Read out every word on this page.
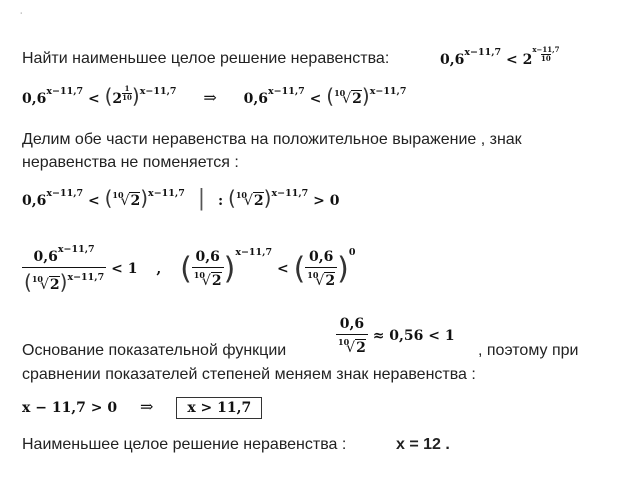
˙
Найти наименьшее целое решение неравенства:	$0,6^{x-11,7} < 2 \frac{x-11,7}{10}$
$0,6^{x-11,7} < (2 \frac{1}{10} )^{x-11,7}$ ⇒ $0,6^{x-11,7} < (^{10}√2)^{x-11,7}$
Делим обе части неравенства на положительное выражение , знак
неравенства не поменяется :
$0,6^{x-11,7} < (^{10}√2)^{x-11,7}$ | : $(^{10}√2)^{x-11,7} > 0$
$\frac{0,6^{x-11,7}}{(^{10}√2)^{x-11,7}} < 1$ , ( $\frac{0,6}{^{10}√2} )^{x-11,7}$ < ( $\frac{0,6}{^{10}√2} )^0$
Основание показательной функции	$\frac{0,6}{^{10}√2} \approx 0,56 < 1$
, поэтому при
сравнении показателей степеней меняем знак неравенства :
x − 11,7 > 0 ⇒ x > 11,7
Наименьшее целое решение неравенства :	x = 12 .
